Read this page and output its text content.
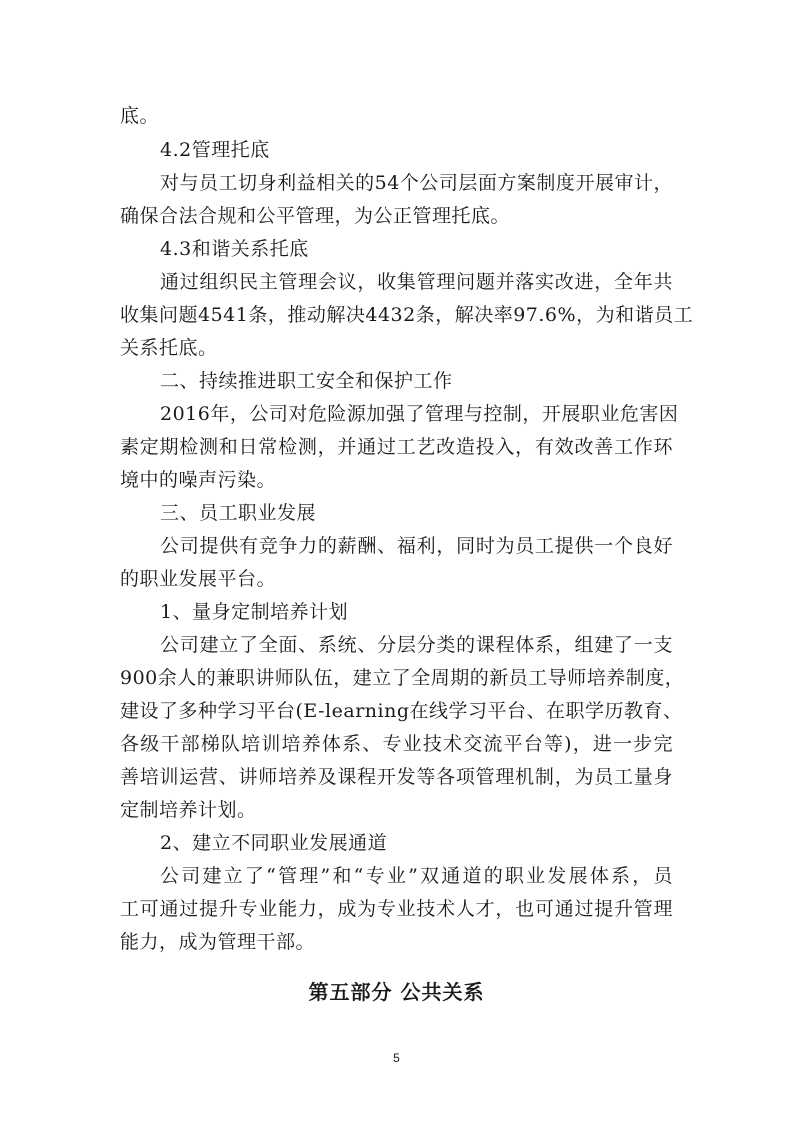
底。
4.2管理托底
对与员工切身利益相关的54个公司层面方案制度开展审计，
确保合法合规和公平管理，为公正管理托底。
4.3和谐关系托底
通过组织民主管理会议，收集管理问题并落实改进，全年共
收集问题4541条，推动解决4432条，解决率97.6%，为和谐员工
关系托底。
二、持续推进职工安全和保护工作
2016年，公司对危险源加强了管理与控制，开展职业危害因
素定期检测和日常检测，并通过工艺改造投入，有效改善工作环
境中的噪声污染。
三、员工职业发展
公司提供有竞争力的薪酬、福利，同时为员工提供一个良好
的职业发展平台。
1、量身定制培养计划
公司建立了全面、系统、分层分类的课程体系，组建了一支
900余人的兼职讲师队伍，建立了全周期的新员工导师培养制度，
建设了多种学习平台(E-learning在线学习平台、在职学历教育、
各级干部梯队培训培养体系、专业技术交流平台等)，进一步完
善培训运营、讲师培养及课程开发等各项管理机制，为员工量身
定制培养计划。
2、建立不同职业发展通道
公司建立了“管理”和“专业”双通道的职业发展体系，员
工可通过提升专业能力，成为专业技术人才，也可通过提升管理
能力，成为管理干部。
第五部分 公共关系
5
